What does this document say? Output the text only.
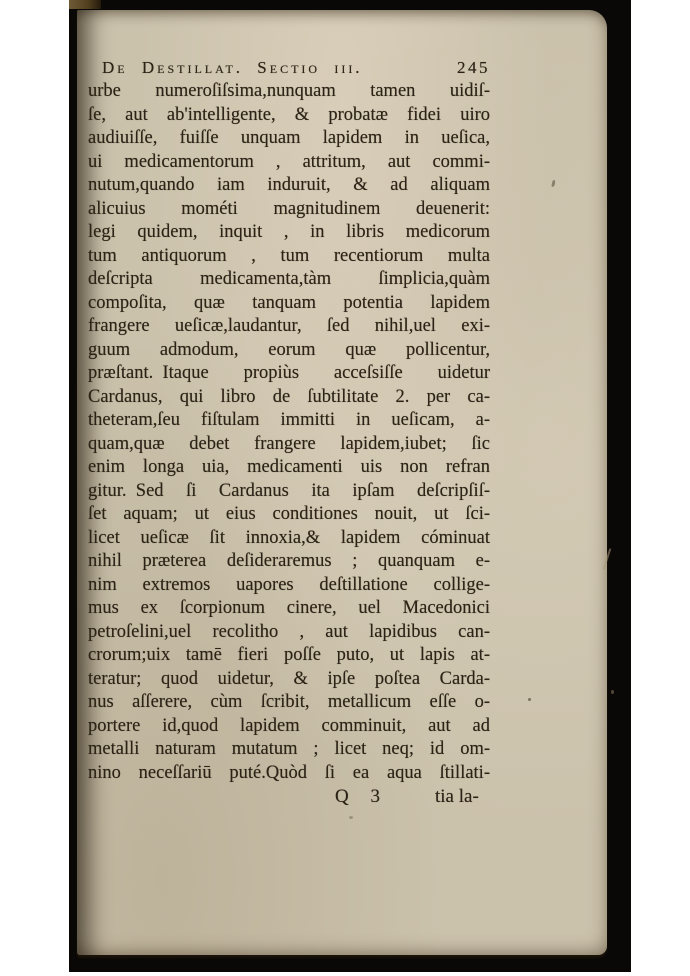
De Destillat. Sectio iii.	245
urbe numeroſiſsima,nunquam tamen uidiſ-
ſe, aut ab'intelligente, & probatæ fidei uiro
audiuiſſe, fuiſſe unquam lapidem in ueſica,
ui medicamentorum , attritum, aut commi-
nutum,quando iam induruit, & ad aliquam
alicuius mométi magnitudinem deuenerit:
legi quidem, inquit , in libris medicorum
tum antiquorum , tum recentiorum multa
deſcripta medicamenta,tàm ſimplicia,quàm
compoſita, quæ tanquam potentia lapidem
frangere ueſicæ,laudantur, ſed nihil,uel exi-
guum admodum, eorum quæ pollicentur,
præſtant. Itaque propiùs acceſsiſſe uidetur
Cardanus, qui libro de ſubtilitate 2. per ca-
theteram,ſeu fiſtulam immitti in ueſicam, a-
quam,quæ debet frangere lapidem,iubet; ſic
enim longa uia, medicamenti uis non refran
gitur. Sed ſi Cardanus ita ipſam deſcripſiſ-
ſet aquam; ut eius conditiones nouit, ut ſci-
licet ueſicæ ſit innoxia,& lapidem cóminuat
nihil præterea deſideraremus ; quanquam e-
nim extremos uapores deſtillatione collige-
mus ex ſcorpionum cinere, uel Macedonici
petroſelini,uel recolitho , aut lapidibus can-
crorum;uix tamē fieri poſſe puto, ut lapis at-
teratur; quod uidetur, & ipſe poſtea Carda-
nus aſſerere, cùm ſcribit, metallicum eſſe o-
portere id,quod lapidem comminuit, aut ad
metalli naturam mutatum ; licet neq; id om-
nino neceſſariū puté.Quòd ſi ea aqua ſtillati-
Q 3	tia la-
